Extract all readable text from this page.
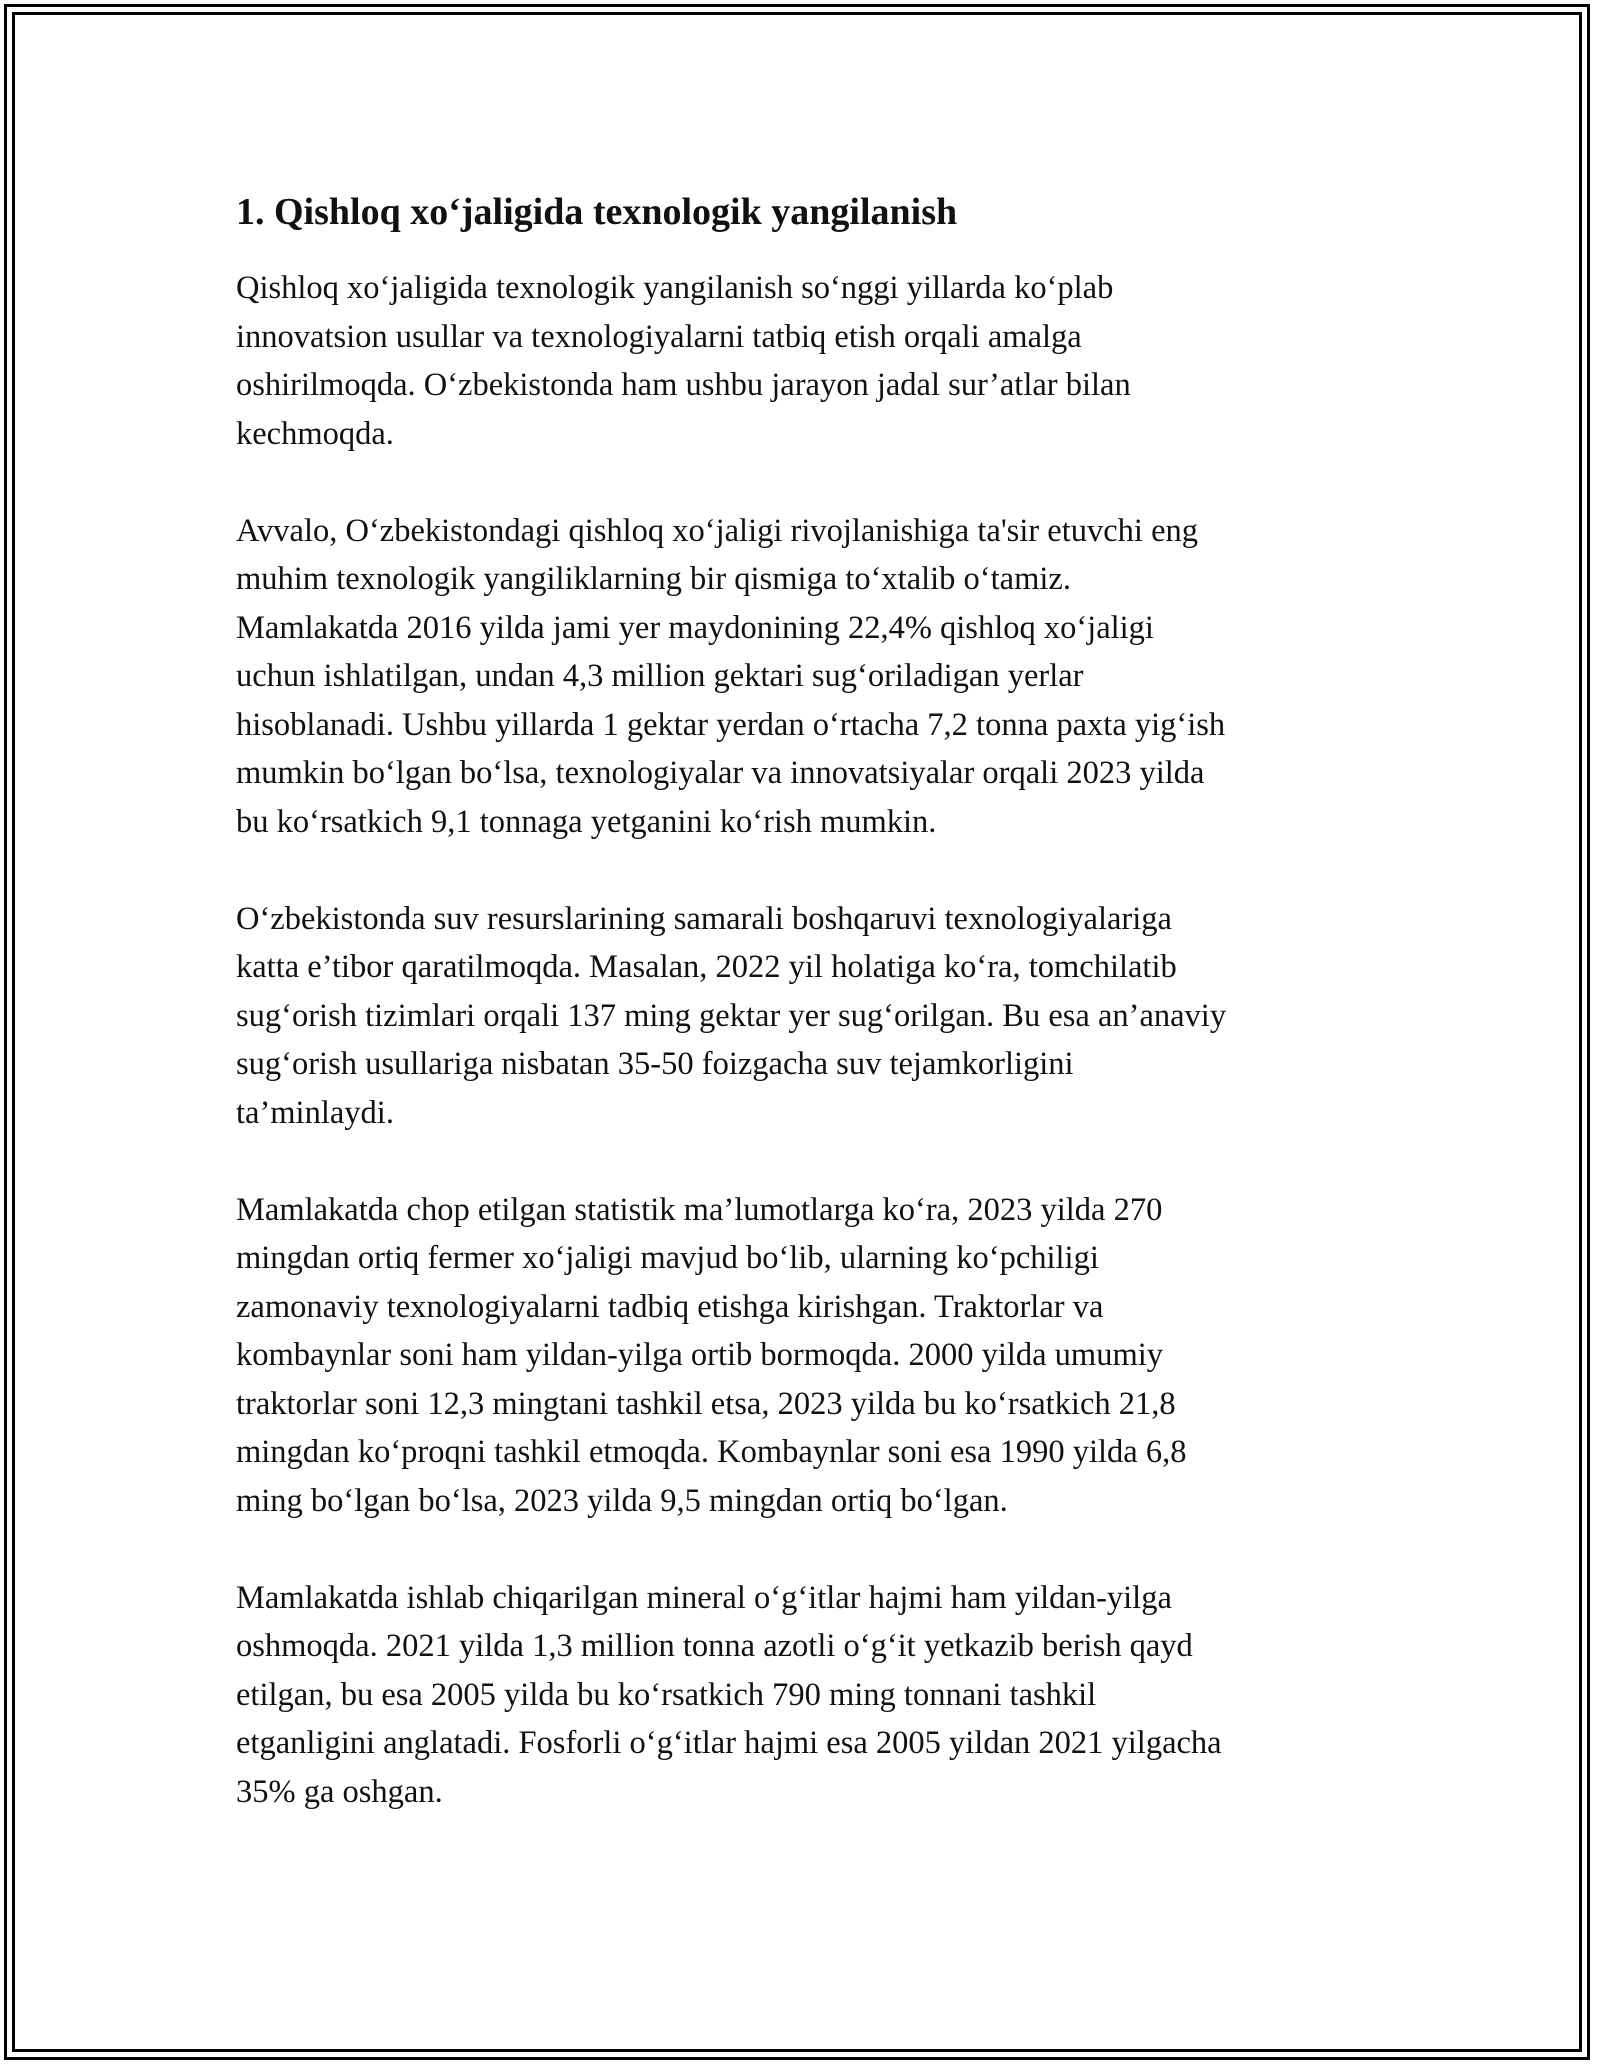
1. Qishloq xo‘jaligida texnologik yangilanish
Qishloq xo‘jaligida texnologik yangilanish so‘nggi yillarda ko‘plab
innovatsion usullar va texnologiyalarni tatbiq etish orqali amalga
oshirilmoqda. O‘zbekistonda ham ushbu jarayon jadal sur’atlar bilan
kechmoqda.
Avvalo, O‘zbekistondagi qishloq xo‘jaligi rivojlanishiga ta'sir etuvchi eng
muhim texnologik yangiliklarning bir qismiga to‘xtalib o‘tamiz.
Mamlakatda 2016 yilda jami yer maydonining 22,4% qishloq xo‘jaligi
uchun ishlatilgan, undan 4,3 million gektari sug‘oriladigan yerlar
hisoblanadi. Ushbu yillarda 1 gektar yerdan o‘rtacha 7,2 tonna paxta yig‘ish
mumkin bo‘lgan bo‘lsa, texnologiyalar va innovatsiyalar orqali 2023 yilda
bu ko‘rsatkich 9,1 tonnaga yetganini ko‘rish mumkin.
O‘zbekistonda suv resurslarining samarali boshqaruvi texnologiyalariga
katta e’tibor qaratilmoqda. Masalan, 2022 yil holatiga ko‘ra, tomchilatib
sug‘orish tizimlari orqali 137 ming gektar yer sug‘orilgan. Bu esa an’anaviy
sug‘orish usullariga nisbatan 35-50 foizgacha suv tejamkorligini
ta’minlaydi.
Mamlakatda chop etilgan statistik ma’lumotlarga ko‘ra, 2023 yilda 270
mingdan ortiq fermer xo‘jaligi mavjud bo‘lib, ularning ko‘pchiligi
zamonaviy texnologiyalarni tadbiq etishga kirishgan. Traktorlar va
kombaynlar soni ham yildan-yilga ortib bormoqda. 2000 yilda umumiy
traktorlar soni 12,3 mingtani tashkil etsa, 2023 yilda bu ko‘rsatkich 21,8
mingdan ko‘proqni tashkil etmoqda. Kombaynlar soni esa 1990 yilda 6,8
ming bo‘lgan bo‘lsa, 2023 yilda 9,5 mingdan ortiq bo‘lgan.
Mamlakatda ishlab chiqarilgan mineral o‘g‘itlar hajmi ham yildan-yilga
oshmoqda. 2021 yilda 1,3 million tonna azotli o‘g‘it yetkazib berish qayd
etilgan, bu esa 2005 yilda bu ko‘rsatkich 790 ming tonnani tashkil
etganligini anglatadi. Fosforli o‘g‘itlar hajmi esa 2005 yildan 2021 yilgacha
35% ga oshgan.
